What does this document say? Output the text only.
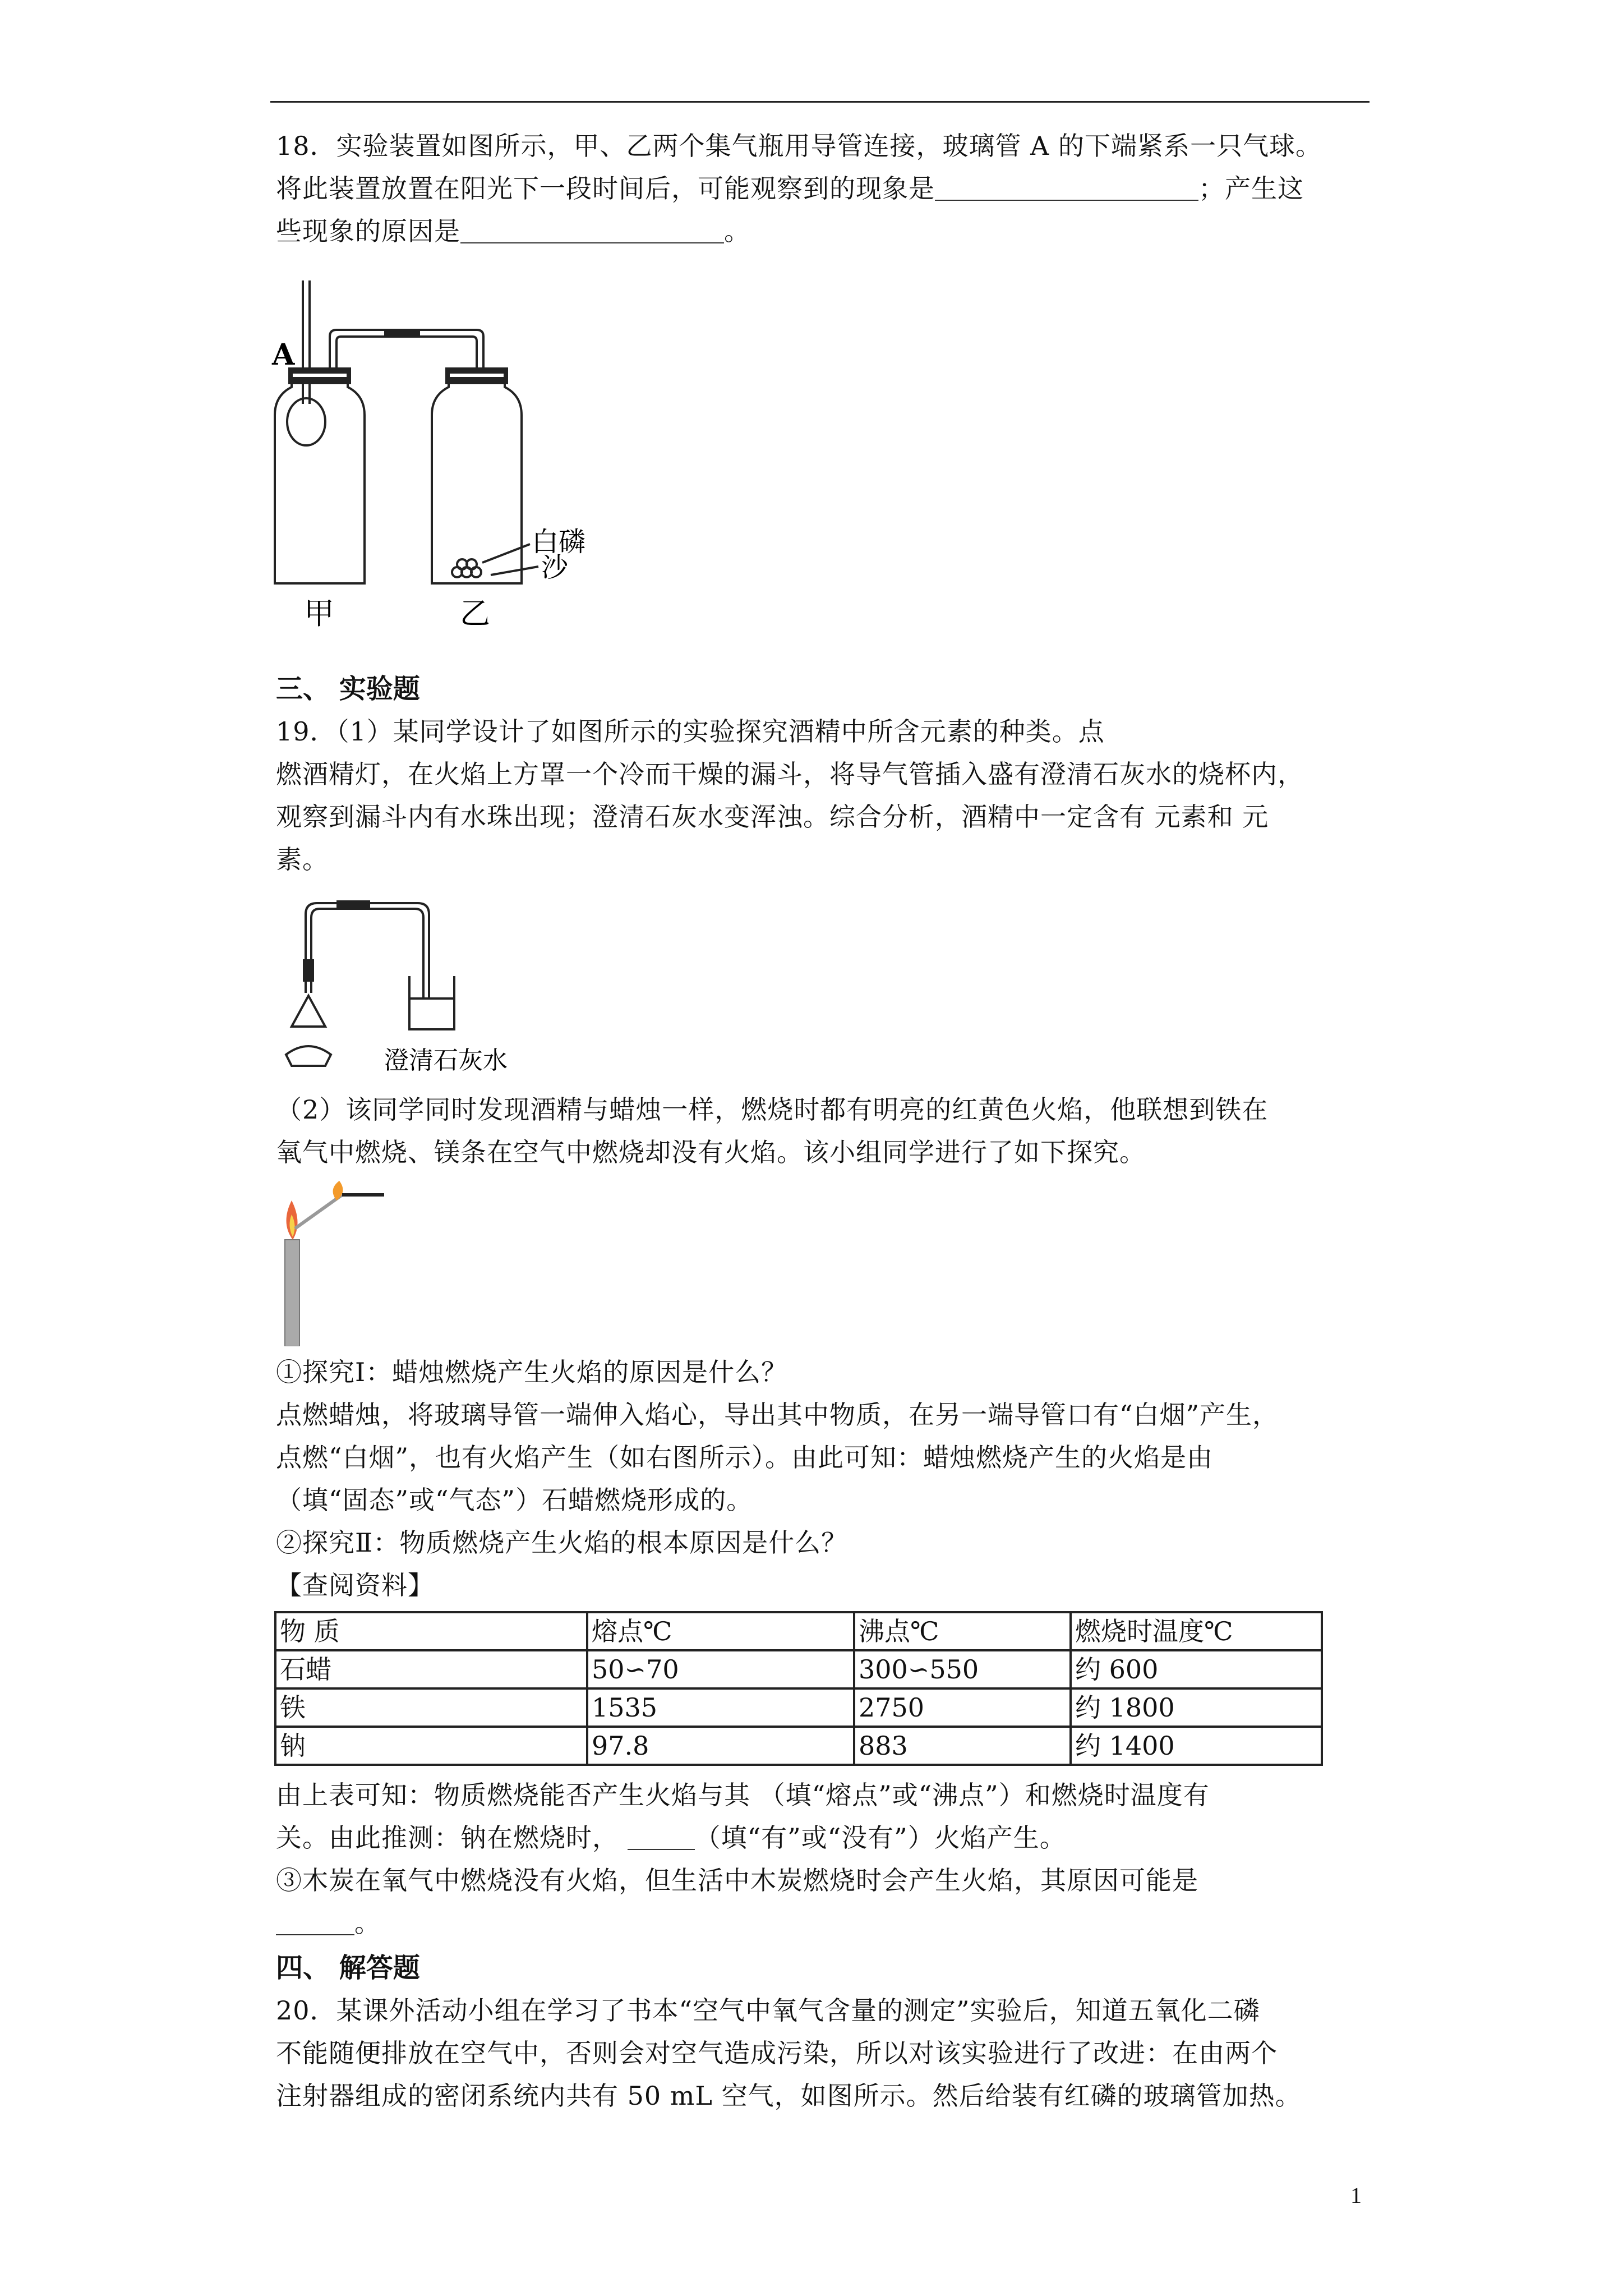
18．实验装置如图所示，甲、乙两个集气瓶用导管连接，玻璃管 A 的下端紧系一只气球。

将此装置放置在阳光下一段时间后，可能观察到的现象是	；产生这

些现象的原因是	。

A
白磷
沙
甲	乙
三、 实验题

19．（1）某同学设计了如图所示的实验探究酒精中所含元素的种类。点

燃酒精灯，在火焰上方罩一个冷而干燥的漏斗，将导气管插入盛有澄清石灰水的烧杯内，

观察到漏斗内有水珠出现；澄清石灰水变浑浊。综合分析，酒精中一定含有 元素和 元

素。

澄清石灰水

（2）该同学同时发现酒精与蜡烛一样，燃烧时都有明亮的红黄色火焰，他联想到铁在

氧气中燃烧、镁条在空气中燃烧却没有火焰。该小组同学进行了如下探究。

①探究Ⅰ：蜡烛燃烧产生火焰的原因是什么？

点燃蜡烛，将玻璃导管一端伸入焰心，导出其中物质，在另一端导管口有“白烟”产生，

点燃“白烟”，也有火焰产生（如右图所示）。由此可知：蜡烛燃烧产生的火焰是由

（填“固态”或“气态”）石蜡燃烧形成的。

②探究Ⅱ：物质燃烧产生火焰的根本原因是什么？

【查阅资料】

物 质	熔点℃	沸点℃	燃烧时温度℃
石蜡	50∽70	300∽550	约 600
铁	1535	2750	约 1800
钠	97.8	883	约 1400

由上表可知：物质燃烧能否产生火焰与其 （填“熔点”或“沸点”）和燃烧时温度有

关。由此推测：钠在燃烧时，	（填“有”或“没有”）火焰产生。

③木炭在氧气中燃烧没有火焰，但生活中木炭燃烧时会产生火焰，其原因可能是

。

四、 解答题

20．某课外活动小组在学习了书本“空气中氧气含量的测定”实验后，知道五氧化二磷

不能随便排放在空气中，否则会对空气造成污染，所以对该实验进行了改进：在由两个

注射器组成的密闭系统内共有 50 mL 空气，如图所示。然后给装有红磷的玻璃管加热。

1
